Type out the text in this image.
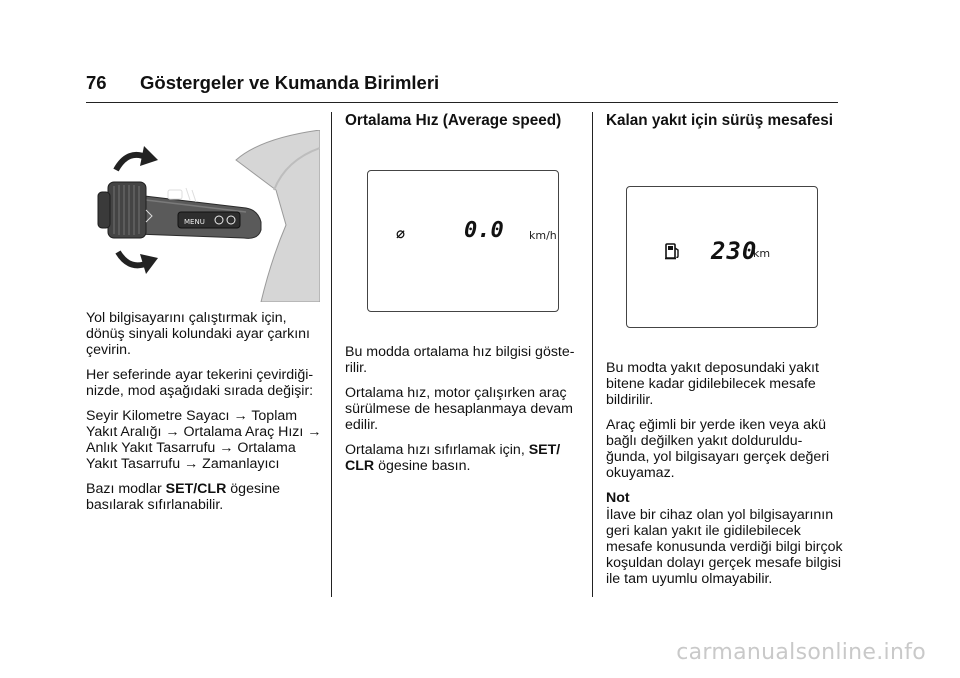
76 Göstergeler ve Kumanda Birimleri
MENU

Yol bilgisayarını çalıştırmak için, dönüş sinyali kolundaki ayar çarkını çevirin.

Her seferinde ayar tekerini çevirdiği- nizde, mod aşağıdaki sırada değişir:

Seyir Kilometre Sayacı → Toplam Yakıt Aralığı → Ortalama Araç Hızı → Anlık Yakıt Tasarrufu → Ortalama Yakıt Tasarrufu → Zamanlayıcı

Bazı modlar SET/CLR ögesine basılarak sıfırlanabilir.

Ortalama Hız (Average speed)
⌀	0.0 km/h

Bu modda ortalama hız bilgisi göste- rilir.

Ortalama hız, motor çalışırken araç sürülmese de hesaplanmaya devam edilir.

Ortalama hızı sıfırlamak için, SET/ CLR ögesine basın.

Kalan yakıt için sürüş mesafesi
230
km

Bu modta yakıt deposundaki yakıt bitene kadar gidilebilecek mesafe bildirilir.

Araç eğimli bir yerde iken veya akü bağlı değilken yakıt dolduruldu- ğunda, yol bilgisayarı gerçek değeri okuyamaz.

Not

İlave bir cihaz olan yol bilgisayarının geri kalan yakıt ile gidilebilecek mesafe konusunda verdiği bilgi birçok koşuldan dolayı gerçek mesafe bilgisi ile tam uyumlu olmayabilir.

carmanualsonline.info
